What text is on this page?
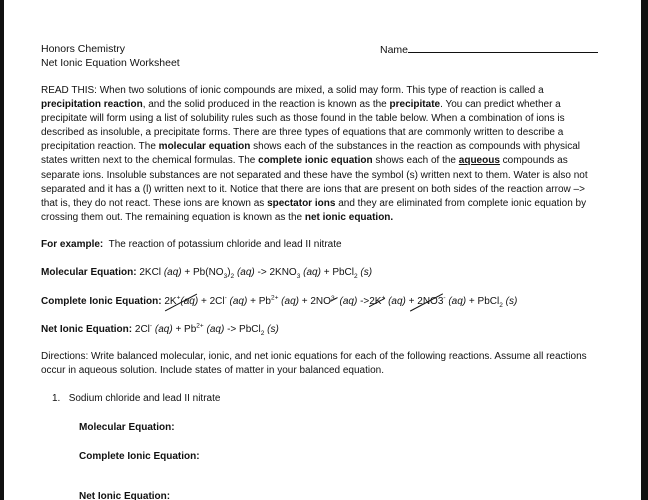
Honors Chemistry
Net Ionic Equation Worksheet
Name
READ THIS: When two solutions of ionic compounds are mixed, a solid may form. This type of reaction is called a precipitation reaction, and the solid produced in the reaction is known as the precipitate. You can predict whether a precipitate will form using a list of solubility rules such as those found in the table below. When a combination of ions is described as insoluble, a precipitate forms. There are three types of equations that are commonly written to describe a precipitation reaction. The molecular equation shows each of the substances in the reaction as compounds with physical states written next to the chemical formulas. The complete ionic equation shows each of the aqueous compounds as separate ions. Insoluble substances are not separated and these have the symbol (s) written next to them. Water is also not separated and it has a (l) written next to it. Notice that there are ions that are present on both sides of the reaction arrow –> that is, they do not react. These ions are known as spectator ions and they are eliminated from complete ionic equation by crossing them out. The remaining equation is known as the net ionic equation.
For example: The reaction of potassium chloride and lead II nitrate
Molecular Equation: 2KCl $(aq) + Pb(NO_3)_2$ $(aq) -> 2KNO_3$ (aq) + PbCl$_2$ (s)
Complete Ionic Equation: 2K+(aq) + 2Cl- $(aq) + Pb^{2+}$ $(aq) + 2NO^{3-}$ (aq) ->2K+ (aq) + 2NO3- (aq) + PbCl$_2$ (s)
Net Ionic Equation: 2Cl- $(aq) + Pb^{2+}$ (aq) -> PbCl$_2$ (s)
Directions: Write balanced molecular, ionic, and net ionic equations for each of the following reactions. Assume all reactions occur in aqueous solution. Include states of matter in your balanced equation.
1. Sodium chloride and lead II nitrate
Molecular Equation:
Complete Ionic Equation:
Net Ionic Equation:
